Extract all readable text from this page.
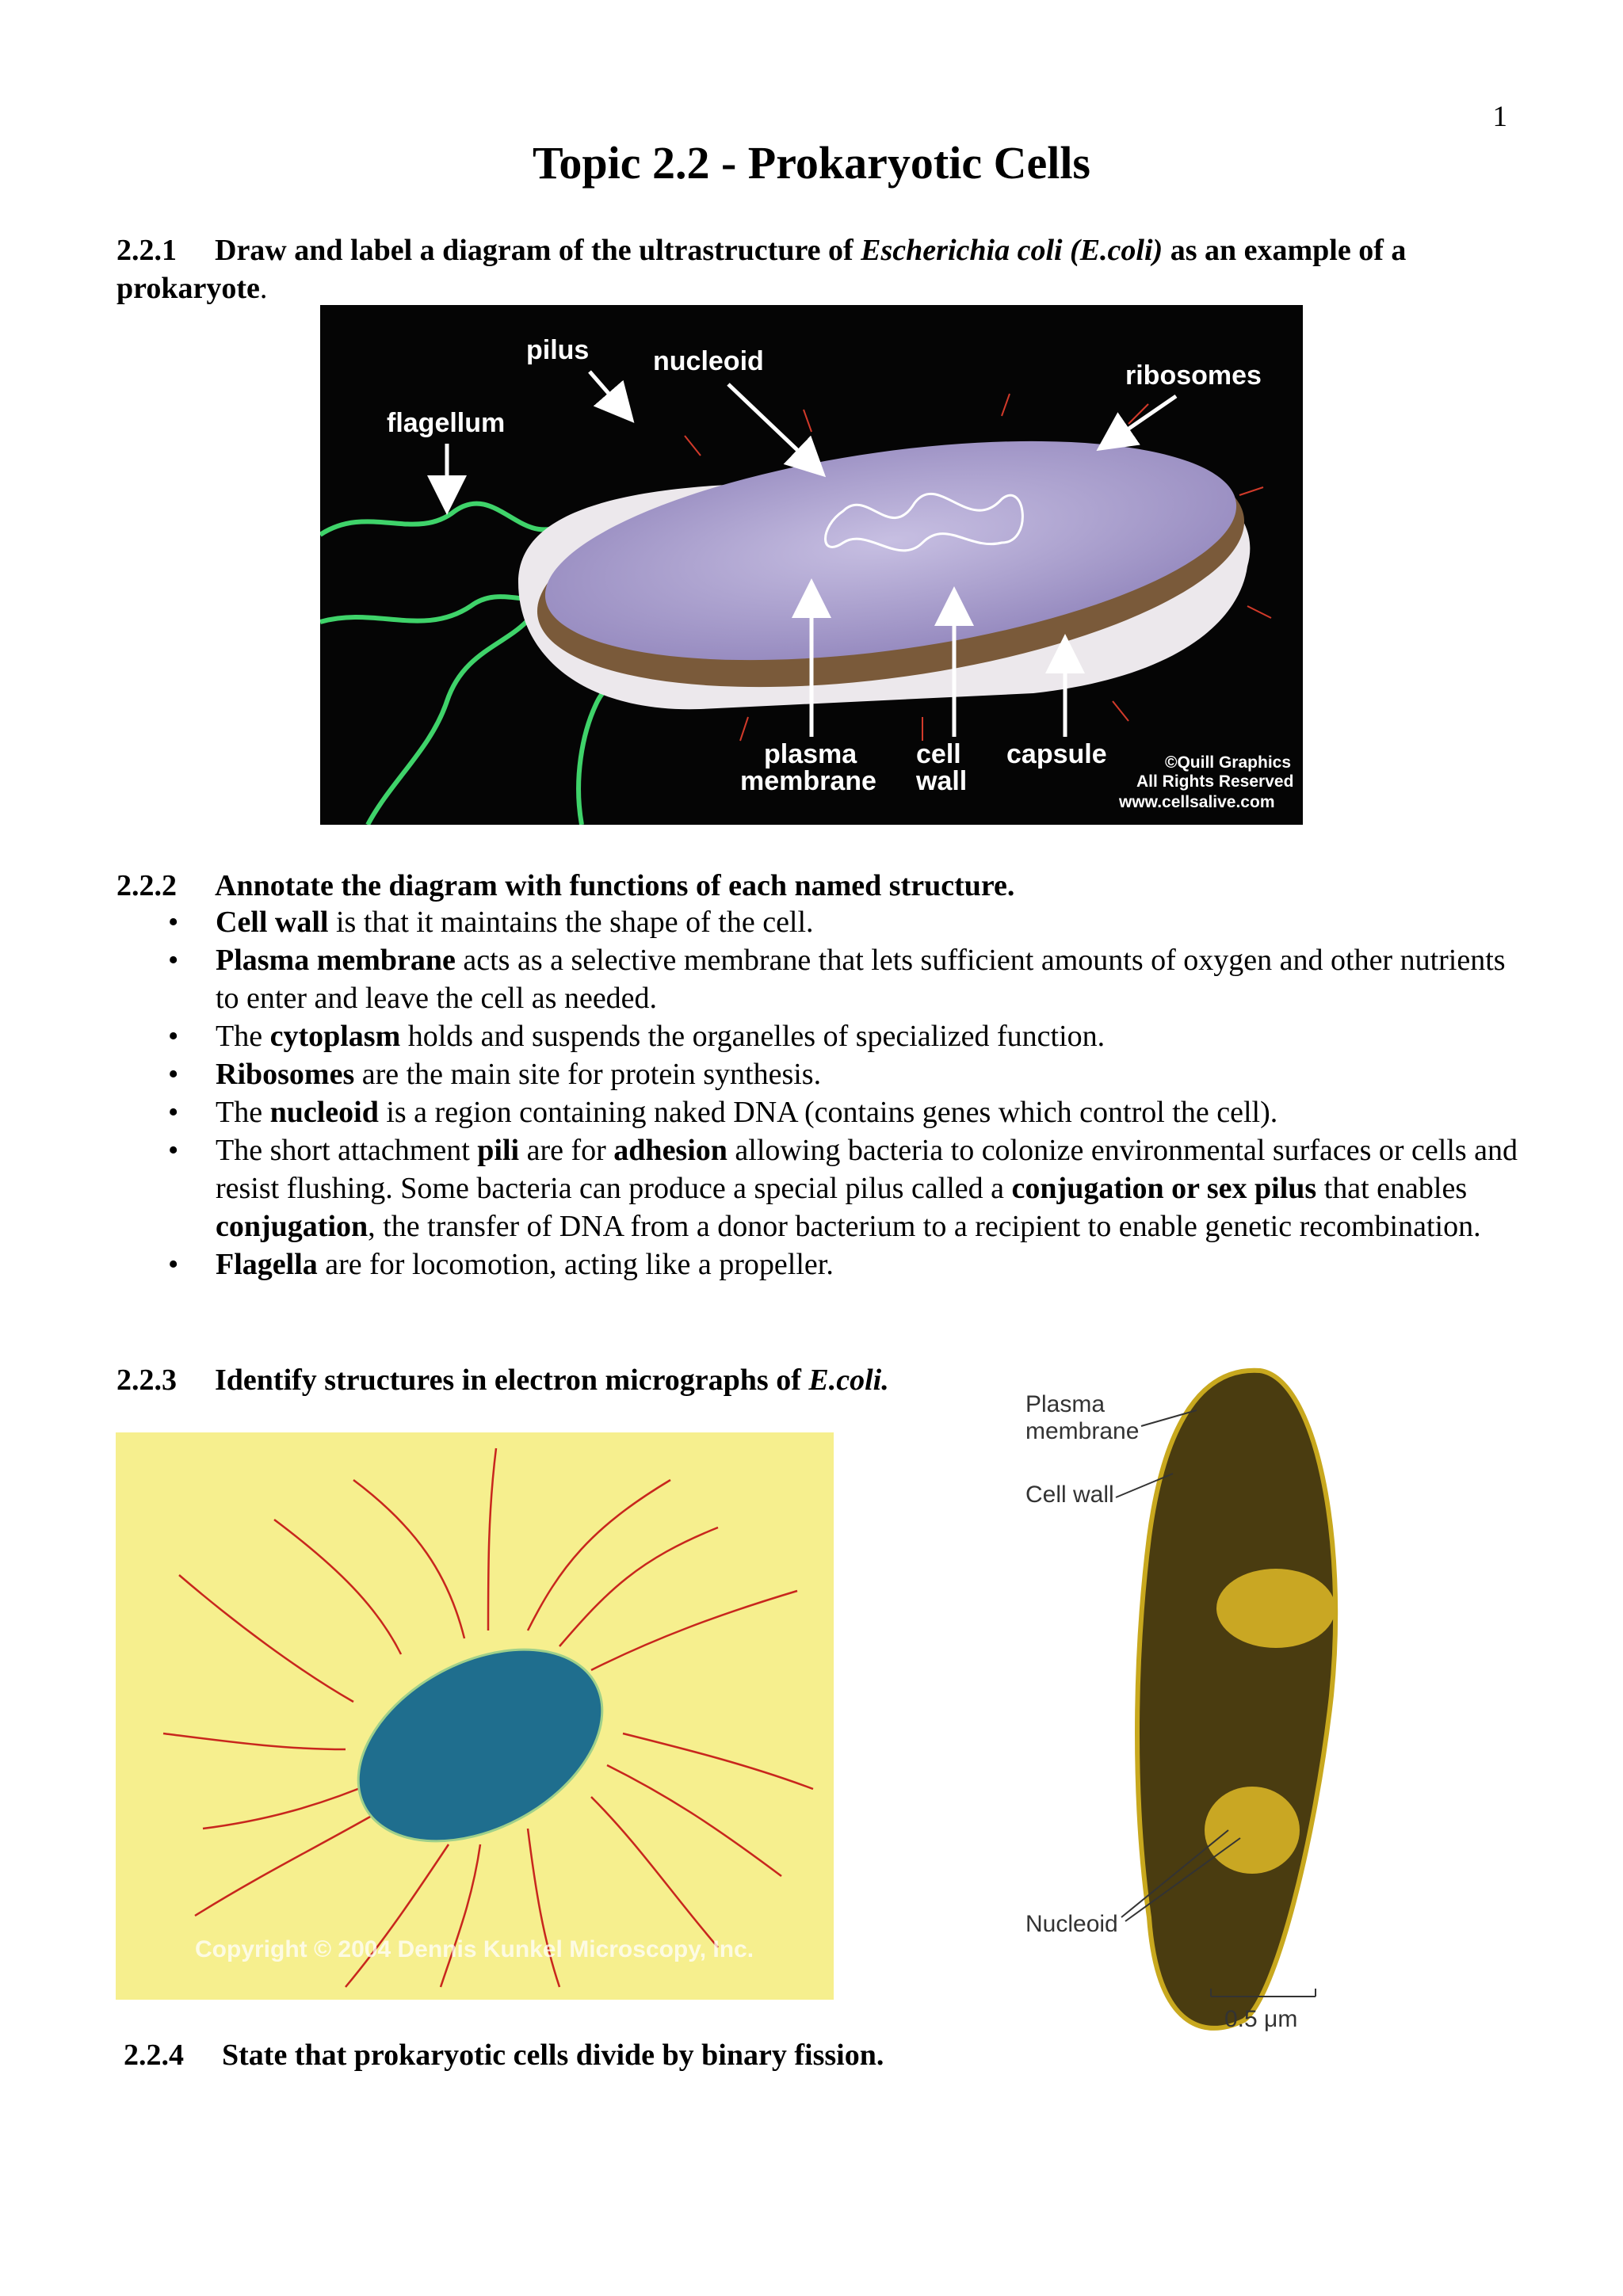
1
Topic 2.2 - Prokaryotic Cells
2.2.1 Draw and label a diagram of the ultrastructure of Escherichia coli (E.coli) as an example of a prokaryote.
pilus nucleoid	ribosomes
flagellum
plasma
membrane
cell
wall
capsule	©Quill Graphics
All Rights Reserved
www.cellsalive.com
2.2.2 Annotate the diagram with functions of each named structure.
• Cell wall is that it maintains the shape of the cell.
• Plasma membrane acts as a selective membrane that lets sufficient amounts of oxygen and other nutrients to enter and leave the cell as needed.
• The cytoplasm holds and suspends the organelles of specialized function.
• Ribosomes are the main site for protein synthesis.
• The nucleoid is a region containing naked DNA (contains genes which control the cell).
• The short attachment pili are for adhesion allowing bacteria to colonize environmental surfaces or cells and resist flushing. Some bacteria can produce a special pilus called a conjugation or sex pilus that enables conjugation, the transfer of DNA from a donor bacterium to a recipient to enable genetic recombination.
• Flagella are for locomotion, acting like a propeller.
2.2.3 Identify structures in electron micrographs of E.coli.
Copyright © 2004 Dennis Kunkel Microscopy, Inc.
Plasma
membrane
Cell wall
Nucleoid
0.5 μm
2.2.4 State that prokaryotic cells divide by binary fission.
